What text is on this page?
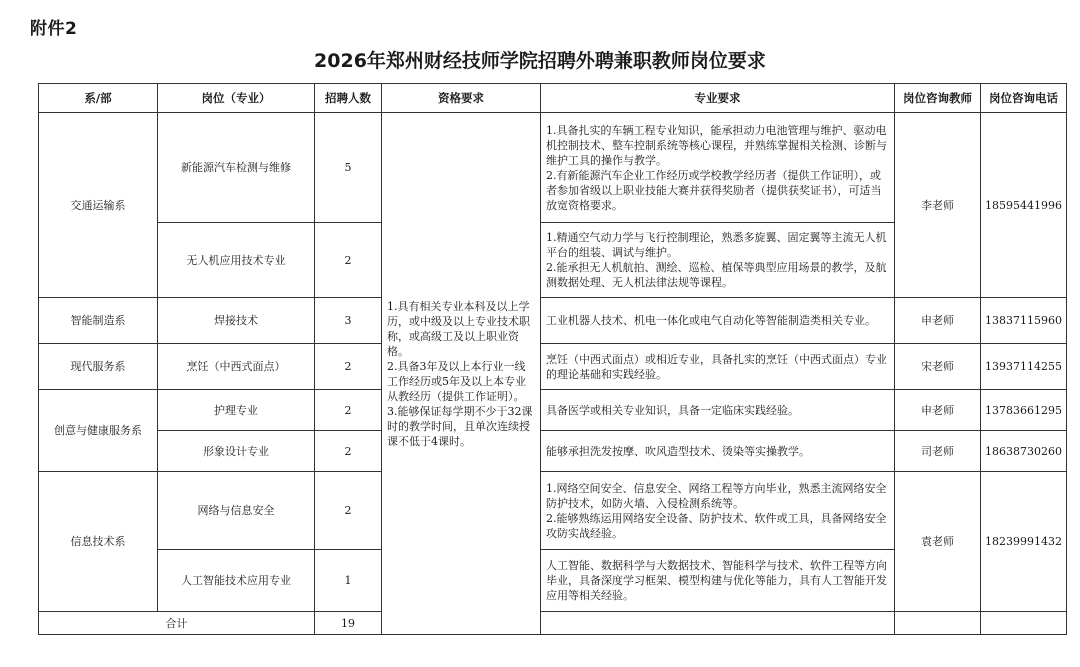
附件2
2026年郑州财经技师学院招聘外聘兼职教师岗位要求
系/部	岗位（专业）	招聘人数	资格要求	专业要求	岗位咨询教师	岗位咨询电话
交通运输系	新能源汽车检测与维修	5	1.具有相关专业本科及以上学历，或中级及以上专业技术职称，或高级工及以上职业资格。
2.具备3年及以上本行业一线工作经历或5年及以上本专业从教经历（提供工作证明）。
3.能够保证每学期不少于32课时的教学时间，且单次连续授课不低于4课时。	1.具备扎实的车辆工程专业知识，能承担动力电池管理与维护、驱动电机控制技术、整车控制系统等核心课程，并熟练掌握相关检测、诊断与维护工具的操作与教学。
2.有新能源汽车企业工作经历或学校教学经历者（提供工作证明），或者参加省级以上职业技能大赛并获得奖励者（提供获奖证书），可适当放宽资格要求。	李老师	18595441996
	无人机应用技术专业	2		1.精通空气动力学与飞行控制理论，熟悉多旋翼、固定翼等主流无人机平台的组装、调试与维护。
2.能承担无人机航拍、测绘、巡检、植保等典型应用场景的教学，及航测数据处理、无人机法律法规等课程。		

智能制造系	焊接技术	3		工业机器人技术、机电一体化或电气自动化等智能制造类相关专业。	申老师	13837115960
现代服务系	烹饪（中西式面点）	2		烹饪（中西式面点）或相近专业，具备扎实的烹饪（中西式面点）专业的理论基础和实践经验。	宋老师	13937114255
创意与健康服务系	护理专业	2		具备医学或相关专业知识，具备一定临床实践经验。	申老师	13783661295
	形象设计专业	2		能够承担洗发按摩、吹风造型技术、烫染等实操教学。	司老师	18638730260
信息技术系	网络与信息安全	2		1.网络空间安全、信息安全、网络工程等方向毕业，熟悉主流网络安全防护技术，如防火墙、入侵检测系统等。
2.能够熟练运用网络安全设备、防护技术、软件或工具，具备网络安全攻防实战经验。	袁老师	18239991432
	人工智能技术应用专业	1		人工智能、数据科学与大数据技术、智能科学与技术、软件工程等方向毕业，具备深度学习框架、模型构建与优化等能力，具有人工智能开发应用等相关经验。		

合计		19				
